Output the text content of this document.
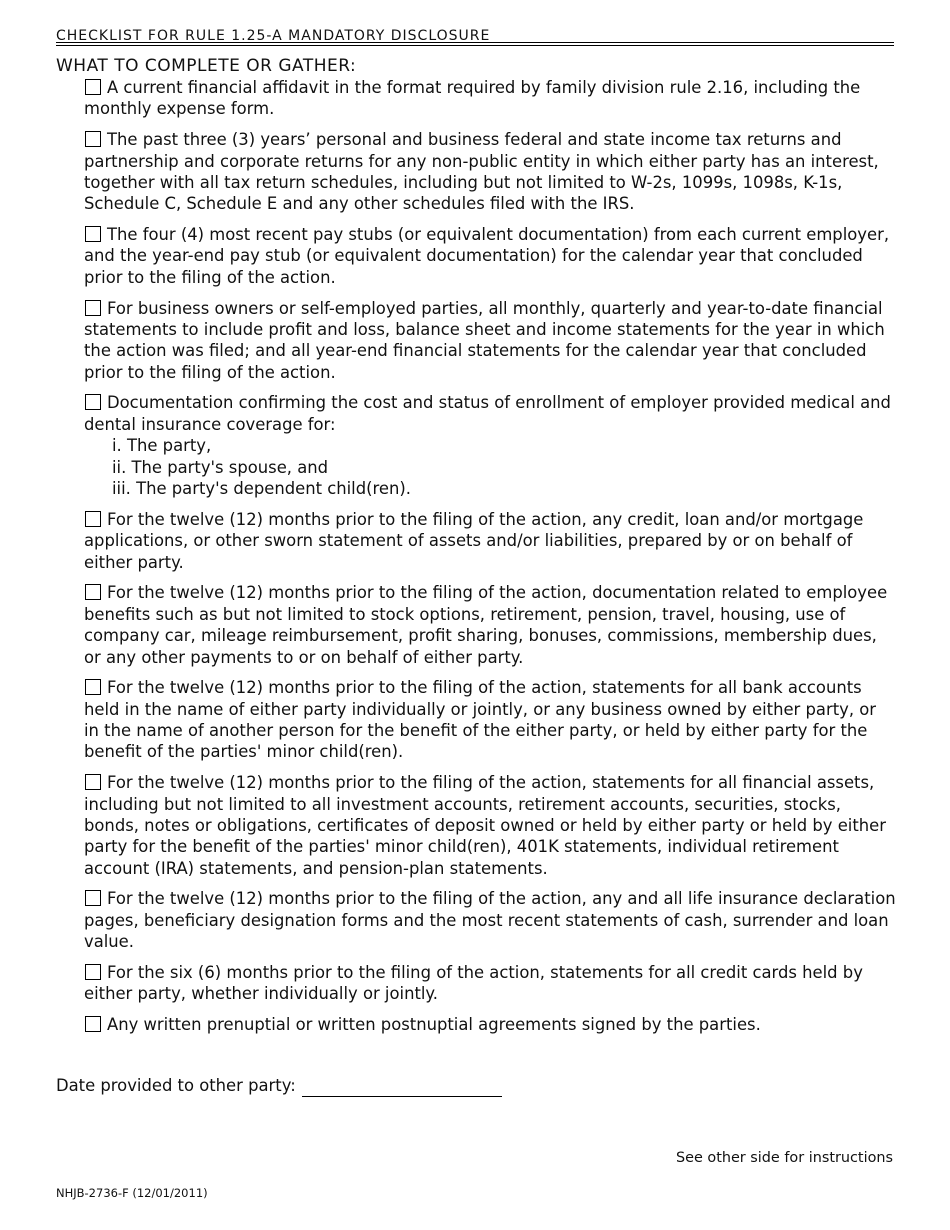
CHECKLIST FOR RULE 1.25-A MANDATORY DISCLOSURE
WHAT TO COMPLETE OR GATHER:
A current financial affidavit in the format required by family division rule 2.16, including the monthly expense form.
The past three (3) years’ personal and business federal and state income tax returns and partnership and corporate returns for any non-public entity in which either party has an interest, together with all tax return schedules, including but not limited to W-2s, 1099s, 1098s, K-1s, Schedule C, Schedule E and any other schedules filed with the IRS.
The four (4) most recent pay stubs (or equivalent documentation) from each current employer, and the year-end pay stub (or equivalent documentation) for the calendar year that concluded prior to the filing of the action.
For business owners or self-employed parties, all monthly, quarterly and year-to-date financial statements to include profit and loss, balance sheet and income statements for the year in which the action was filed; and all year-end financial statements for the calendar year that concluded prior to the filing of the action.
Documentation confirming the cost and status of enrollment of employer provided medical and dental insurance coverage for:
i. The party,
ii. The party's spouse, and
iii. The party's dependent child(ren).
For the twelve (12) months prior to the filing of the action, any credit, loan and/or mortgage applications, or other sworn statement of assets and/or liabilities, prepared by or on behalf of either party.
For the twelve (12) months prior to the filing of the action, documentation related to employee benefits such as but not limited to stock options, retirement, pension, travel, housing, use of company car, mileage reimbursement, profit sharing, bonuses, commissions, membership dues, or any other payments to or on behalf of either party.
For the twelve (12) months prior to the filing of the action, statements for all bank accounts held in the name of either party individually or jointly, or any business owned by either party, or in the name of another person for the benefit of the either party, or held by either party for the benefit of the parties' minor child(ren).
For the twelve (12) months prior to the filing of the action, statements for all financial assets, including but not limited to all investment accounts, retirement accounts, securities, stocks, bonds, notes or obligations, certificates of deposit owned or held by either party or held by either party for the benefit of the parties' minor child(ren), 401K statements, individual retirement account (IRA) statements, and pension-plan statements.
For the twelve (12) months prior to the filing of the action, any and all life insurance declaration pages, beneficiary designation forms and the most recent statements of cash, surrender and loan value.
For the six (6) months prior to the filing of the action, statements for all credit cards held by either party, whether individually or jointly.
Any written prenuptial or written postnuptial agreements signed by the parties.
Date provided to other party:
See other side for instructions
NHJB-2736-F (12/01/2011)
